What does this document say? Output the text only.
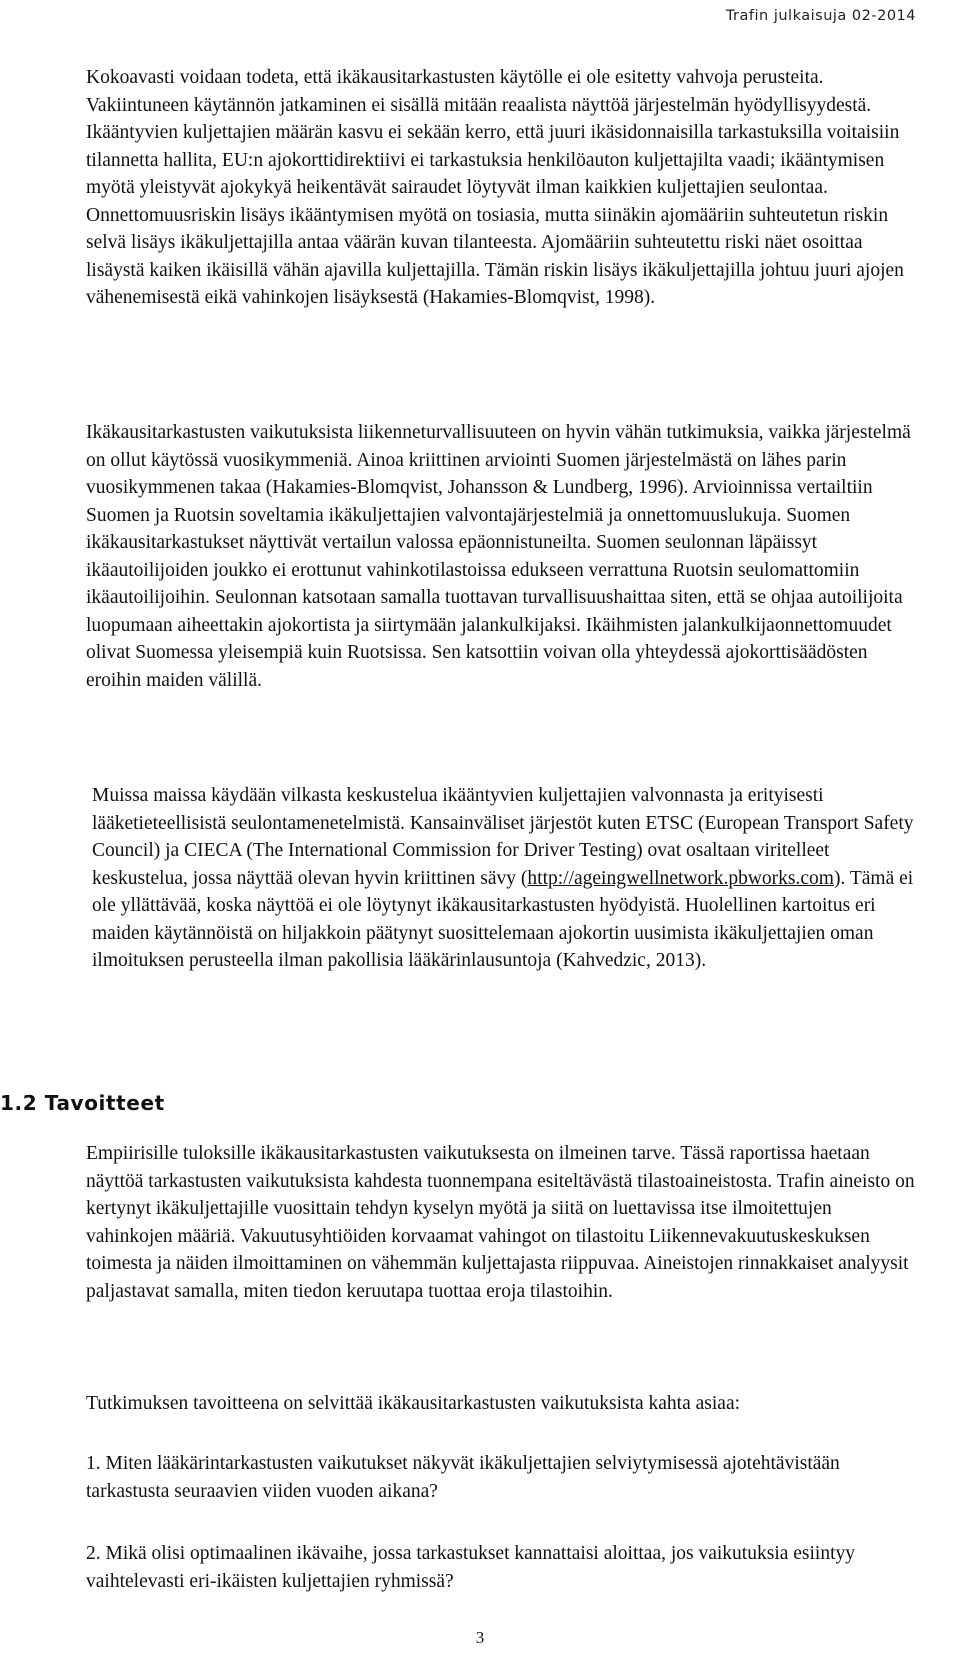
Trafin julkaisuja 02-2014

Kokoavasti voidaan todeta, että ikäkausitarkastusten käytölle ei ole esitetty vahvoja perusteita. Vakiintuneen käytännön jatkaminen ei sisällä mitään reaalista näyttöä järjestelmän hyödyllisyydestä. Ikääntyvien kuljettajien määrän kasvu ei sekään kerro, että juuri ikäsidonnaisilla tarkastuksilla voitaisiin tilannetta hallita, EU:n ajokorttidirektiivi ei tarkastuksia henkilöauton kuljettajilta vaadi; ikääntymisen myötä yleistyvät ajokykyä heikentävät sairaudet löytyvät ilman kaikkien kuljettajien seulontaa. Onnettomuusriskin lisäys ikääntymisen myötä on tosiasia, mutta siinäkin ajomääriin suhteutetun riskin selvä lisäys ikäkuljettajilla antaa väärän kuvan tilanteesta. Ajomääriin suhteutettu riski näet osoittaa lisäystä kaiken ikäisillä vähän ajavilla kuljettajilla. Tämän riskin lisäys ikäkuljettajilla johtuu juuri ajojen vähenemisestä eikä vahinkojen lisäyksestä (Hakamies-Blomqvist, 1998).

Ikäkausitarkastusten vaikutuksista liikenneturvallisuuteen on hyvin vähän tutkimuksia, vaikka järjestelmä on ollut käytössä vuosikymmeniä. Ainoa kriittinen arviointi Suomen järjestelmästä on lähes parin vuosikymmenen takaa (Hakamies-Blomqvist, Johansson & Lundberg, 1996). Arvioinnissa vertailtiin Suomen ja Ruotsin soveltamia ikäkuljettajien valvontajärjestelmiä ja onnettomuuslukuja. Suomen ikäkausitarkastukset näyttivät vertailun valossa epäonnistuneilta. Suomen seulonnan läpäissyt ikäautoilijoiden joukko ei erottunut vahinkotilastoissa edukseen verrattuna Ruotsin seulomattomiin ikäautoilijoihin. Seulonnan katsotaan samalla tuottavan turvallisuushaittaa siten, että se ohjaa autoilijoita luopumaan aiheettakin ajokortista ja siirtymään jalankulkijaksi. Ikäihmisten jalankulkijaonnettomuudet olivat Suomessa yleisempiä kuin Ruotsissa. Sen katsottiin voivan olla yhteydessä ajokorttisäädösten eroihin maiden välillä.

Muissa maissa käydään vilkasta keskustelua ikääntyvien kuljettajien valvonnasta ja erityisesti lääketieteellisistä seulontamenetelmistä. Kansainväliset järjestöt kuten ETSC (European Transport Safety Council) ja CIECA (The International Commission for Driver Testing) ovat osaltaan viritelleet keskustelua, jossa näyttää olevan hyvin kriittinen sävy (http://ageingwellnetwork.pbworks.com). Tämä ei ole yllättävää, koska näyttöä ei ole löytynyt ikäkausitarkastusten hyödyistä. Huolellinen kartoitus eri maiden käytännöistä on hiljakkoin päätynyt suosittelemaan ajokortin uusimista ikäkuljettajien oman ilmoituksen perusteella ilman pakollisia lääkärinlausuntoja (Kahvedzic, 2013).

1.2 Tavoitteet

Empiirisille tuloksille ikäkausitarkastusten vaikutuksesta on ilmeinen tarve. Tässä raportissa haetaan näyttöä tarkastusten vaikutuksista kahdesta tuonnempana esiteltävästä tilastoaineistosta. Trafin aineisto on kertynyt ikäkuljettajille vuosittain tehdyn kyselyn myötä ja siitä on luettavissa itse ilmoitettujen vahinkojen määriä. Vakuutusyhtiöiden korvaamat vahingot on tilastoitu Liikennevakuutuskeskuksen toimesta ja näiden ilmoittaminen on vähemmän kuljettajasta riippuvaa. Aineistojen rinnakkaiset analyysit paljastavat samalla, miten tiedon keruutapa tuottaa eroja tilastoihin.

Tutkimuksen tavoitteena on selvittää ikäkausitarkastusten vaikutuksista kahta asiaa:

1. Miten lääkärintarkastusten vaikutukset näkyvät ikäkuljettajien selviytymisessä ajotehtävistään tarkastusta seuraavien viiden vuoden aikana?

2. Mikä olisi optimaalinen ikävaihe, jossa tarkastukset kannattaisi aloittaa, jos vaikutuksia esiintyy vaihtelevasti eri-ikäisten kuljettajien ryhmissä?

3
